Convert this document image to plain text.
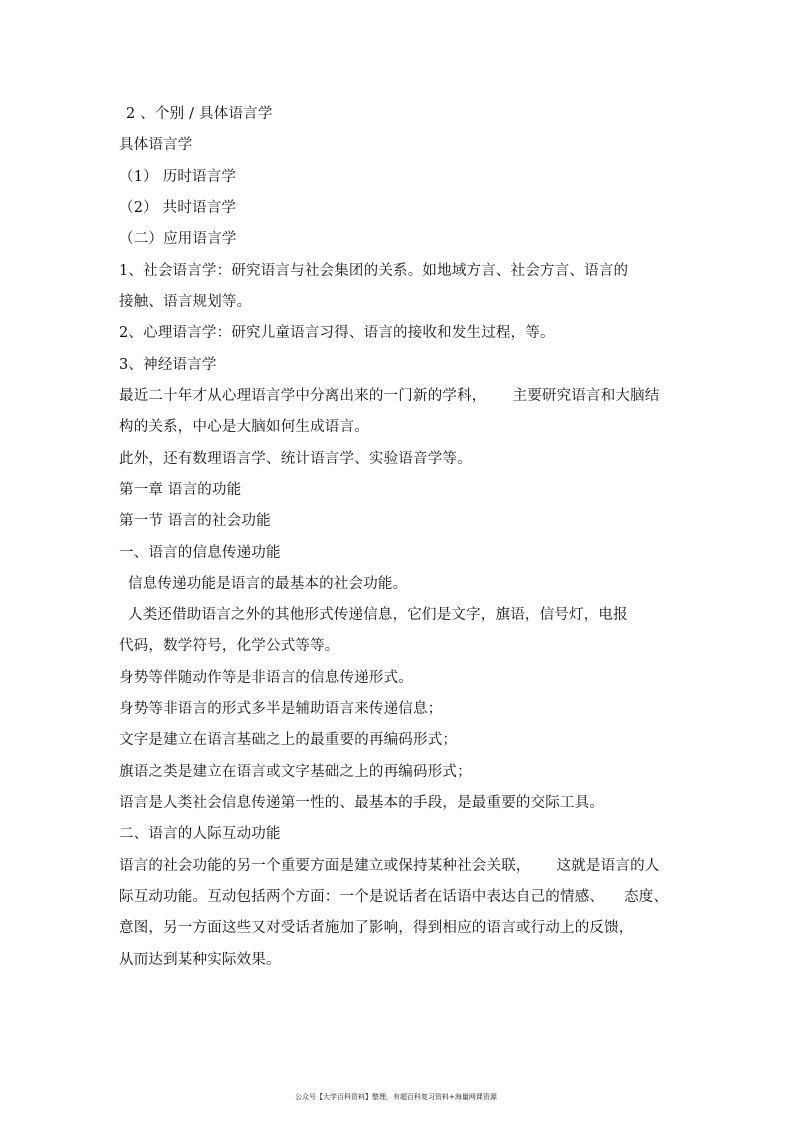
2 、个别 / 具体语言学
具体语言学
（1） 历时语言学
（2） 共时语言学
（二）应用语言学
1、社会语言学：研究语言与社会集团的关系。如地域方言、社会方言、语言的
接触、语言规划等。
2、心理语言学：研究儿童语言习得、语言的接收和发生过程，等。
3、神经语言学
最近二十年才从心理语言学中分离出来的一门新的学科， 主要研究语言和大脑结
构的关系，中心是大脑如何生成语言。
此外，还有数理语言学、统计语言学、实验语音学等。
第一章 语言的功能
第一节 语言的社会功能
一、语言的信息传递功能
信息传递功能是语言的最基本的社会功能。
人类还借助语言之外的其他形式传递信息，它们是文字，旗语，信号灯，电报
代码，数学符号，化学公式等等。
身势等伴随动作等是非语言的信息传递形式。
身势等非语言的形式多半是辅助语言来传递信息；
文字是建立在语言基础之上的最重要的再编码形式；
旗语之类是建立在语言或文字基础之上的再编码形式；
语言是人类社会信息传递第一性的、最基本的手段，是最重要的交际工具。
二、语言的人际互动功能
语言的社会功能的另一个重要方面是建立或保持某种社会关联， 这就是语言的人
际互动功能。互动包括两个方面：一个是说话者在话语中表达自己的情感、 态度、
意图，另一方面这些又对受话者施加了影响，得到相应的语言或行动上的反馈，
从而达到某种实际效果。
公众号【大学百科资料】整理，有超百科复习资料+海量网课资源
